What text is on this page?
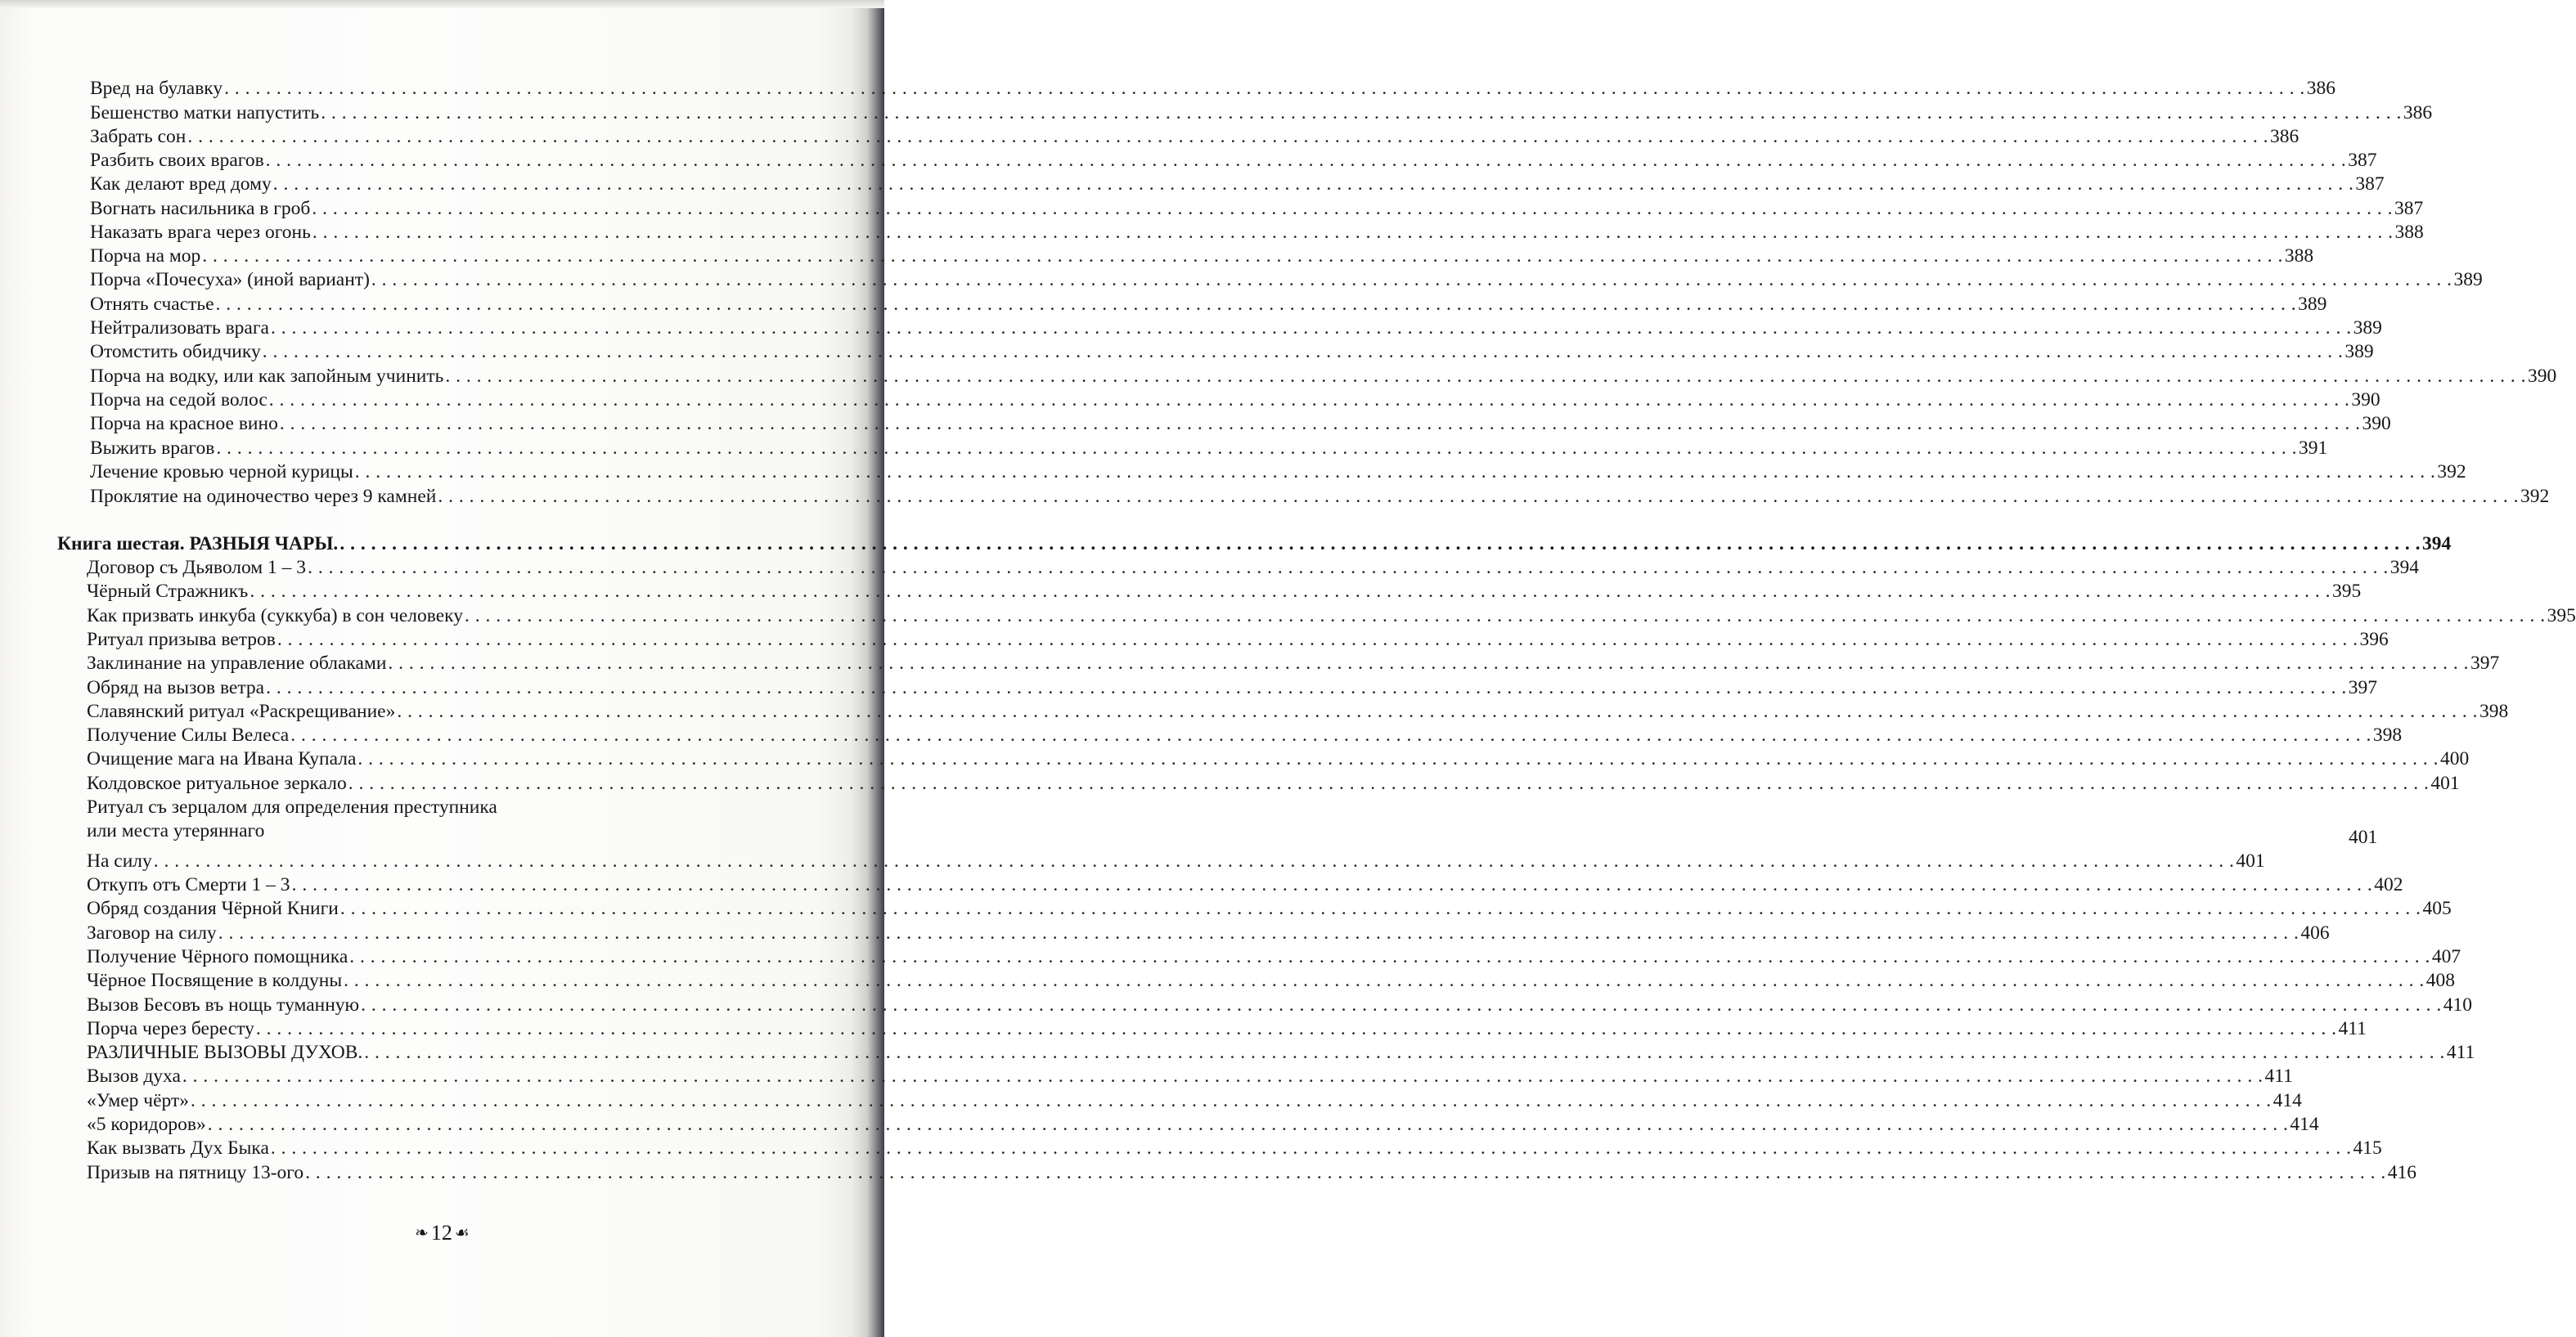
Вред на булавку . . . . . . . . . . . . . . . . . . . . . . . . . . . . . . . . . . . . . . . . . . . . . . . . . . . . . . . . . . . . . . . . . . . . . . . . . . . . . . . . . . . . . . . . . . . . . . . . . . . . . . . . . . . . . . . . . . . . . . . . . . . . . . . . . . . . . . . . . . . . . . . . . . . . . . . . . . . . . . . . . . . . . . . . . . . . . . . . . . . . . . . . . . . . . . . . . . . . . . . . 386
Бешенство матки напустить . . . . . . . . . . . . . . . . . . . . . . . . . . . . . . . . . . . . . . . . . . . . . . . . . . . . . . . . . . . . . . . . . . . . . . . . . . . . . . . . . . . . . . . . . . . . . . . . . . . . . . . . . . . . . . . . . . . . . . . . . . . . . . . . . . . . . . . . . . . . . . . . . . . . . . . . . . . . . . . . . . . . . . . . . . . . . . . . . . . . . . . . . . . . . . . . . . . . . . . . 386
Забрать сон . . . . . . . . . . . . . . . . . . . . . . . . . . . . . . . . . . . . . . . . . . . . . . . . . . . . . . . . . . . . . . . . . . . . . . . . . . . . . . . . . . . . . . . . . . . . . . . . . . . . . . . . . . . . . . . . . . . . . . . . . . . . . . . . . . . . . . . . . . . . . . . . . . . . . . . . . . . . . . . . . . . . . . . . . . . . . . . . . . . . . . . . . . . . . . . . . . . . . . . . 386
Разбить своих врагов . . . . . . . . . . . . . . . . . . . . . . . . . . . . . . . . . . . . . . . . . . . . . . . . . . . . . . . . . . . . . . . . . . . . . . . . . . . . . . . . . . . . . . . . . . . . . . . . . . . . . . . . . . . . . . . . . . . . . . . . . . . . . . . . . . . . . . . . . . . . . . . . . . . . . . . . . . . . . . . . . . . . . . . . . . . . . . . . . . . . . . . . . . . . . . . . . . . . . . . . 387
Как делают вред дому . . . . . . . . . . . . . . . . . . . . . . . . . . . . . . . . . . . . . . . . . . . . . . . . . . . . . . . . . . . . . . . . . . . . . . . . . . . . . . . . . . . . . . . . . . . . . . . . . . . . . . . . . . . . . . . . . . . . . . . . . . . . . . . . . . . . . . . . . . . . . . . . . . . . . . . . . . . . . . . . . . . . . . . . . . . . . . . . . . . . . . . . . . . . . . . . . . . . . . . . 387
Вогнать насильника в гроб . . . . . . . . . . . . . . . . . . . . . . . . . . . . . . . . . . . . . . . . . . . . . . . . . . . . . . . . . . . . . . . . . . . . . . . . . . . . . . . . . . . . . . . . . . . . . . . . . . . . . . . . . . . . . . . . . . . . . . . . . . . . . . . . . . . . . . . . . . . . . . . . . . . . . . . . . . . . . . . . . . . . . . . . . . . . . . . . . . . . . . . . . . . . . . . . . . . . . . . . 387
Наказать врага через огонь . . . . . . . . . . . . . . . . . . . . . . . . . . . . . . . . . . . . . . . . . . . . . . . . . . . . . . . . . . . . . . . . . . . . . . . . . . . . . . . . . . . . . . . . . . . . . . . . . . . . . . . . . . . . . . . . . . . . . . . . . . . . . . . . . . . . . . . . . . . . . . . . . . . . . . . . . . . . . . . . . . . . . . . . . . . . . . . . . . . . . . . . . . . . . . . . . . . . . . . . 388
Порча на мор . . . . . . . . . . . . . . . . . . . . . . . . . . . . . . . . . . . . . . . . . . . . . . . . . . . . . . . . . . . . . . . . . . . . . . . . . . . . . . . . . . . . . . . . . . . . . . . . . . . . . . . . . . . . . . . . . . . . . . . . . . . . . . . . . . . . . . . . . . . . . . . . . . . . . . . . . . . . . . . . . . . . . . . . . . . . . . . . . . . . . . . . . . . . . . . . . . . . . . . . 388
Порча «Почесуха» (иной вариант) . . . . . . . . . . . . . . . . . . . . . . . . . . . . . . . . . . . . . . . . . . . . . . . . . . . . . . . . . . . . . . . . . . . . . . . . . . . . . . . . . . . . . . . . . . . . . . . . . . . . . . . . . . . . . . . . . . . . . . . . . . . . . . . . . . . . . . . . . . . . . . . . . . . . . . . . . . . . . . . . . . . . . . . . . . . . . . . . . . . . . . . . . . . . . . . . . . . . . . . . 389
Отнять счастье . . . . . . . . . . . . . . . . . . . . . . . . . . . . . . . . . . . . . . . . . . . . . . . . . . . . . . . . . . . . . . . . . . . . . . . . . . . . . . . . . . . . . . . . . . . . . . . . . . . . . . . . . . . . . . . . . . . . . . . . . . . . . . . . . . . . . . . . . . . . . . . . . . . . . . . . . . . . . . . . . . . . . . . . . . . . . . . . . . . . . . . . . . . . . . . . . . . . . . . . 389
Нейтрализовать врага . . . . . . . . . . . . . . . . . . . . . . . . . . . . . . . . . . . . . . . . . . . . . . . . . . . . . . . . . . . . . . . . . . . . . . . . . . . . . . . . . . . . . . . . . . . . . . . . . . . . . . . . . . . . . . . . . . . . . . . . . . . . . . . . . . . . . . . . . . . . . . . . . . . . . . . . . . . . . . . . . . . . . . . . . . . . . . . . . . . . . . . . . . . . . . . . . . . . . . . . 389
Отомстить обидчику . . . . . . . . . . . . . . . . . . . . . . . . . . . . . . . . . . . . . . . . . . . . . . . . . . . . . . . . . . . . . . . . . . . . . . . . . . . . . . . . . . . . . . . . . . . . . . . . . . . . . . . . . . . . . . . . . . . . . . . . . . . . . . . . . . . . . . . . . . . . . . . . . . . . . . . . . . . . . . . . . . . . . . . . . . . . . . . . . . . . . . . . . . . . . . . . . . . . . . . . 389
Порча на водку, или как запойным учинить . . . . . . . . . . . . . . . . . . . . . . . . . . . . . . . . . . . . . . . . . . . . . . . . . . . . . . . . . . . . . . . . . . . . . . . . . . . . . . . . . . . . . . . . . . . . . . . . . . . . . . . . . . . . . . . . . . . . . . . . . . . . . . . . . . . . . . . . . . . . . . . . . . . . . . . . . . . . . . . . . . . . . . . . . . . . . . . . . . . . . . . . . . . . . . . . . . . . . . . . 390
Порча на седой волос . . . . . . . . . . . . . . . . . . . . . . . . . . . . . . . . . . . . . . . . . . . . . . . . . . . . . . . . . . . . . . . . . . . . . . . . . . . . . . . . . . . . . . . . . . . . . . . . . . . . . . . . . . . . . . . . . . . . . . . . . . . . . . . . . . . . . . . . . . . . . . . . . . . . . . . . . . . . . . . . . . . . . . . . . . . . . . . . . . . . . . . . . . . . . . . . . . . . . . . . 390
Порча на красное вино . . . . . . . . . . . . . . . . . . . . . . . . . . . . . . . . . . . . . . . . . . . . . . . . . . . . . . . . . . . . . . . . . . . . . . . . . . . . . . . . . . . . . . . . . . . . . . . . . . . . . . . . . . . . . . . . . . . . . . . . . . . . . . . . . . . . . . . . . . . . . . . . . . . . . . . . . . . . . . . . . . . . . . . . . . . . . . . . . . . . . . . . . . . . . . . . . . . . . . . . 390
Выжить врагов . . . . . . . . . . . . . . . . . . . . . . . . . . . . . . . . . . . . . . . . . . . . . . . . . . . . . . . . . . . . . . . . . . . . . . . . . . . . . . . . . . . . . . . . . . . . . . . . . . . . . . . . . . . . . . . . . . . . . . . . . . . . . . . . . . . . . . . . . . . . . . . . . . . . . . . . . . . . . . . . . . . . . . . . . . . . . . . . . . . . . . . . . . . . . . . . . . . . . . . . 391
Лечение кровью черной курицы . . . . . . . . . . . . . . . . . . . . . . . . . . . . . . . . . . . . . . . . . . . . . . . . . . . . . . . . . . . . . . . . . . . . . . . . . . . . . . . . . . . . . . . . . . . . . . . . . . . . . . . . . . . . . . . . . . . . . . . . . . . . . . . . . . . . . . . . . . . . . . . . . . . . . . . . . . . . . . . . . . . . . . . . . . . . . . . . . . . . . . . . . . . . . . . . . . . . . . . . 392
Проклятие на одиночество через 9 камней . . . . . . . . . . . . . . . . . . . . . . . . . . . . . . . . . . . . . . . . . . . . . . . . . . . . . . . . . . . . . . . . . . . . . . . . . . . . . . . . . . . . . . . . . . . . . . . . . . . . . . . . . . . . . . . . . . . . . . . . . . . . . . . . . . . . . . . . . . . . . . . . . . . . . . . . . . . . . . . . . . . . . . . . . . . . . . . . . . . . . . . . . . . . . . . . . . . . . . . . 392
Книга шестая. РАЗНЫЯ ЧАРЫ. . . . . . . . . . . . . . . . . . . . . . . . . . . . . . . . . . . . . . . . . . . . . . . . . . . . . . . . . . . . . . . . . . . . . . . . . . . . . . . . . . . . . . . . . . . . . . . . . . . . . . . . . . . . . . . . . . . . . . . . . . . . . . . . . . . . . . . . . . . . . . . . . . . . . . . . . . . . . . . . . . . . . . . . . . . . . . . . . . . . . . . . . . . . . . . . . . . . . . . . . 394
Договор съ Дьяволом 1 – 3 . . . . . . . . . . . . . . . . . . . . . . . . . . . . . . . . . . . . . . . . . . . . . . . . . . . . . . . . . . . . . . . . . . . . . . . . . . . . . . . . . . . . . . . . . . . . . . . . . . . . . . . . . . . . . . . . . . . . . . . . . . . . . . . . . . . . . . . . . . . . . . . . . . . . . . . . . . . . . . . . . . . . . . . . . . . . . . . . . . . . . . . . . . . . . . . . . . . . . . . . 394
Чёрный Стражникъ . . . . . . . . . . . . . . . . . . . . . . . . . . . . . . . . . . . . . . . . . . . . . . . . . . . . . . . . . . . . . . . . . . . . . . . . . . . . . . . . . . . . . . . . . . . . . . . . . . . . . . . . . . . . . . . . . . . . . . . . . . . . . . . . . . . . . . . . . . . . . . . . . . . . . . . . . . . . . . . . . . . . . . . . . . . . . . . . . . . . . . . . . . . . . . . . . . . . . . . . 395
Как призвать инкуба (суккуба) в сон человеку . . . . . . . . . . . . . . . . . . . . . . . . . . . . . . . . . . . . . . . . . . . . . . . . . . . . . . . . . . . . . . . . . . . . . . . . . . . . . . . . . . . . . . . . . . . . . . . . . . . . . . . . . . . . . . . . . . . . . . . . . . . . . . . . . . . . . . . . . . . . . . . . . . . . . . . . . . . . . . . . . . . . . . . . . . . . . . . . . . . . . . . . . . . . . . . . . . . . . . . . 395
Ритуал призыва ветров . . . . . . . . . . . . . . . . . . . . . . . . . . . . . . . . . . . . . . . . . . . . . . . . . . . . . . . . . . . . . . . . . . . . . . . . . . . . . . . . . . . . . . . . . . . . . . . . . . . . . . . . . . . . . . . . . . . . . . . . . . . . . . . . . . . . . . . . . . . . . . . . . . . . . . . . . . . . . . . . . . . . . . . . . . . . . . . . . . . . . . . . . . . . . . . . . . . . . . . . 396
Заклинание на управление облаками . . . . . . . . . . . . . . . . . . . . . . . . . . . . . . . . . . . . . . . . . . . . . . . . . . . . . . . . . . . . . . . . . . . . . . . . . . . . . . . . . . . . . . . . . . . . . . . . . . . . . . . . . . . . . . . . . . . . . . . . . . . . . . . . . . . . . . . . . . . . . . . . . . . . . . . . . . . . . . . . . . . . . . . . . . . . . . . . . . . . . . . . . . . . . . . . . . . . . . . . 397
Обряд на вызов ветра . . . . . . . . . . . . . . . . . . . . . . . . . . . . . . . . . . . . . . . . . . . . . . . . . . . . . . . . . . . . . . . . . . . . . . . . . . . . . . . . . . . . . . . . . . . . . . . . . . . . . . . . . . . . . . . . . . . . . . . . . . . . . . . . . . . . . . . . . . . . . . . . . . . . . . . . . . . . . . . . . . . . . . . . . . . . . . . . . . . . . . . . . . . . . . . . . . . . . . . . 397
Славянский ритуал «Раскрещивание» . . . . . . . . . . . . . . . . . . . . . . . . . . . . . . . . . . . . . . . . . . . . . . . . . . . . . . . . . . . . . . . . . . . . . . . . . . . . . . . . . . . . . . . . . . . . . . . . . . . . . . . . . . . . . . . . . . . . . . . . . . . . . . . . . . . . . . . . . . . . . . . . . . . . . . . . . . . . . . . . . . . . . . . . . . . . . . . . . . . . . . . . . . . . . . . . . . . . . . . . 398
Получение Силы Велеса . . . . . . . . . . . . . . . . . . . . . . . . . . . . . . . . . . . . . . . . . . . . . . . . . . . . . . . . . . . . . . . . . . . . . . . . . . . . . . . . . . . . . . . . . . . . . . . . . . . . . . . . . . . . . . . . . . . . . . . . . . . . . . . . . . . . . . . . . . . . . . . . . . . . . . . . . . . . . . . . . . . . . . . . . . . . . . . . . . . . . . . . . . . . . . . . . . . . . . . . 398
Очищение мага на Ивана Купала . . . . . . . . . . . . . . . . . . . . . . . . . . . . . . . . . . . . . . . . . . . . . . . . . . . . . . . . . . . . . . . . . . . . . . . . . . . . . . . . . . . . . . . . . . . . . . . . . . . . . . . . . . . . . . . . . . . . . . . . . . . . . . . . . . . . . . . . . . . . . . . . . . . . . . . . . . . . . . . . . . . . . . . . . . . . . . . . . . . . . . . . . . . . . . . . . . . . . . . . 400
Колдовское ритуальное зеркало . . . . . . . . . . . . . . . . . . . . . . . . . . . . . . . . . . . . . . . . . . . . . . . . . . . . . . . . . . . . . . . . . . . . . . . . . . . . . . . . . . . . . . . . . . . . . . . . . . . . . . . . . . . . . . . . . . . . . . . . . . . . . . . . . . . . . . . . . . . . . . . . . . . . . . . . . . . . . . . . . . . . . . . . . . . . . . . . . . . . . . . . . . . . . . . . . . . . . . . . 401
Ритуал съ зерцалом для определения преступника
или места утеряннаго	401
На силу . . . . . . . . . . . . . . . . . . . . . . . . . . . . . . . . . . . . . . . . . . . . . . . . . . . . . . . . . . . . . . . . . . . . . . . . . . . . . . . . . . . . . . . . . . . . . . . . . . . . . . . . . . . . . . . . . . . . . . . . . . . . . . . . . . . . . . . . . . . . . . . . . . . . . . . . . . . . . . . . . . . . . . . . . . . . . . . . . . . . . . . . . . . . . . . . . . . . . . . . 401
Откупъ отъ Смерти 1 – 3 . . . . . . . . . . . . . . . . . . . . . . . . . . . . . . . . . . . . . . . . . . . . . . . . . . . . . . . . . . . . . . . . . . . . . . . . . . . . . . . . . . . . . . . . . . . . . . . . . . . . . . . . . . . . . . . . . . . . . . . . . . . . . . . . . . . . . . . . . . . . . . . . . . . . . . . . . . . . . . . . . . . . . . . . . . . . . . . . . . . . . . . . . . . . . . . . . . . . . . . . 402
Обряд создания Чёрной Книги . . . . . . . . . . . . . . . . . . . . . . . . . . . . . . . . . . . . . . . . . . . . . . . . . . . . . . . . . . . . . . . . . . . . . . . . . . . . . . . . . . . . . . . . . . . . . . . . . . . . . . . . . . . . . . . . . . . . . . . . . . . . . . . . . . . . . . . . . . . . . . . . . . . . . . . . . . . . . . . . . . . . . . . . . . . . . . . . . . . . . . . . . . . . . . . . . . . . . . . . 405
Заговор на силу . . . . . . . . . . . . . . . . . . . . . . . . . . . . . . . . . . . . . . . . . . . . . . . . . . . . . . . . . . . . . . . . . . . . . . . . . . . . . . . . . . . . . . . . . . . . . . . . . . . . . . . . . . . . . . . . . . . . . . . . . . . . . . . . . . . . . . . . . . . . . . . . . . . . . . . . . . . . . . . . . . . . . . . . . . . . . . . . . . . . . . . . . . . . . . . . . . . . . . . . 406
Получение Чёрного помощника . . . . . . . . . . . . . . . . . . . . . . . . . . . . . . . . . . . . . . . . . . . . . . . . . . . . . . . . . . . . . . . . . . . . . . . . . . . . . . . . . . . . . . . . . . . . . . . . . . . . . . . . . . . . . . . . . . . . . . . . . . . . . . . . . . . . . . . . . . . . . . . . . . . . . . . . . . . . . . . . . . . . . . . . . . . . . . . . . . . . . . . . . . . . . . . . . . . . . . . . 407
Чёрное Посвящение в колдуны . . . . . . . . . . . . . . . . . . . . . . . . . . . . . . . . . . . . . . . . . . . . . . . . . . . . . . . . . . . . . . . . . . . . . . . . . . . . . . . . . . . . . . . . . . . . . . . . . . . . . . . . . . . . . . . . . . . . . . . . . . . . . . . . . . . . . . . . . . . . . . . . . . . . . . . . . . . . . . . . . . . . . . . . . . . . . . . . . . . . . . . . . . . . . . . . . . . . . . . . 408
Вызов Бесовъ въ нощь туманную . . . . . . . . . . . . . . . . . . . . . . . . . . . . . . . . . . . . . . . . . . . . . . . . . . . . . . . . . . . . . . . . . . . . . . . . . . . . . . . . . . . . . . . . . . . . . . . . . . . . . . . . . . . . . . . . . . . . . . . . . . . . . . . . . . . . . . . . . . . . . . . . . . . . . . . . . . . . . . . . . . . . . . . . . . . . . . . . . . . . . . . . . . . . . . . . . . . . . . . . 410
Порча через бересту . . . . . . . . . . . . . . . . . . . . . . . . . . . . . . . . . . . . . . . . . . . . . . . . . . . . . . . . . . . . . . . . . . . . . . . . . . . . . . . . . . . . . . . . . . . . . . . . . . . . . . . . . . . . . . . . . . . . . . . . . . . . . . . . . . . . . . . . . . . . . . . . . . . . . . . . . . . . . . . . . . . . . . . . . . . . . . . . . . . . . . . . . . . . . . . . . . . . . . . . 411
РАЗЛИЧНЫЕ ВЫЗОВЫ ДУХОВ. . . . . . . . . . . . . . . . . . . . . . . . . . . . . . . . . . . . . . . . . . . . . . . . . . . . . . . . . . . . . . . . . . . . . . . . . . . . . . . . . . . . . . . . . . . . . . . . . . . . . . . . . . . . . . . . . . . . . . . . . . . . . . . . . . . . . . . . . . . . . . . . . . . . . . . . . . . . . . . . . . . . . . . . . . . . . . . . . . . . . . . . . . . . . . . . . . . . . . . . . 411
Вызов духа . . . . . . . . . . . . . . . . . . . . . . . . . . . . . . . . . . . . . . . . . . . . . . . . . . . . . . . . . . . . . . . . . . . . . . . . . . . . . . . . . . . . . . . . . . . . . . . . . . . . . . . . . . . . . . . . . . . . . . . . . . . . . . . . . . . . . . . . . . . . . . . . . . . . . . . . . . . . . . . . . . . . . . . . . . . . . . . . . . . . . . . . . . . . . . . . . . . . . . . . 411
«Умер чёрт» . . . . . . . . . . . . . . . . . . . . . . . . . . . . . . . . . . . . . . . . . . . . . . . . . . . . . . . . . . . . . . . . . . . . . . . . . . . . . . . . . . . . . . . . . . . . . . . . . . . . . . . . . . . . . . . . . . . . . . . . . . . . . . . . . . . . . . . . . . . . . . . . . . . . . . . . . . . . . . . . . . . . . . . . . . . . . . . . . . . . . . . . . . . . . . . . . . . . . . . . 414
«5 коридоров» . . . . . . . . . . . . . . . . . . . . . . . . . . . . . . . . . . . . . . . . . . . . . . . . . . . . . . . . . . . . . . . . . . . . . . . . . . . . . . . . . . . . . . . . . . . . . . . . . . . . . . . . . . . . . . . . . . . . . . . . . . . . . . . . . . . . . . . . . . . . . . . . . . . . . . . . . . . . . . . . . . . . . . . . . . . . . . . . . . . . . . . . . . . . . . . . . . . . . . . . 414
Как вызвать Дух Быка . . . . . . . . . . . . . . . . . . . . . . . . . . . . . . . . . . . . . . . . . . . . . . . . . . . . . . . . . . . . . . . . . . . . . . . . . . . . . . . . . . . . . . . . . . . . . . . . . . . . . . . . . . . . . . . . . . . . . . . . . . . . . . . . . . . . . . . . . . . . . . . . . . . . . . . . . . . . . . . . . . . . . . . . . . . . . . . . . . . . . . . . . . . . . . . . . . . . . . . . 415
Призыв на пятницу 13-ого . . . . . . . . . . . . . . . . . . . . . . . . . . . . . . . . . . . . . . . . . . . . . . . . . . . . . . . . . . . . . . . . . . . . . . . . . . . . . . . . . . . . . . . . . . . . . . . . . . . . . . . . . . . . . . . . . . . . . . . . . . . . . . . . . . . . . . . . . . . . . . . . . . . . . . . . . . . . . . . . . . . . . . . . . . . . . . . . . . . . . . . . . . . . . . . . . . . . . . . . 416
❧ 12 ☙
